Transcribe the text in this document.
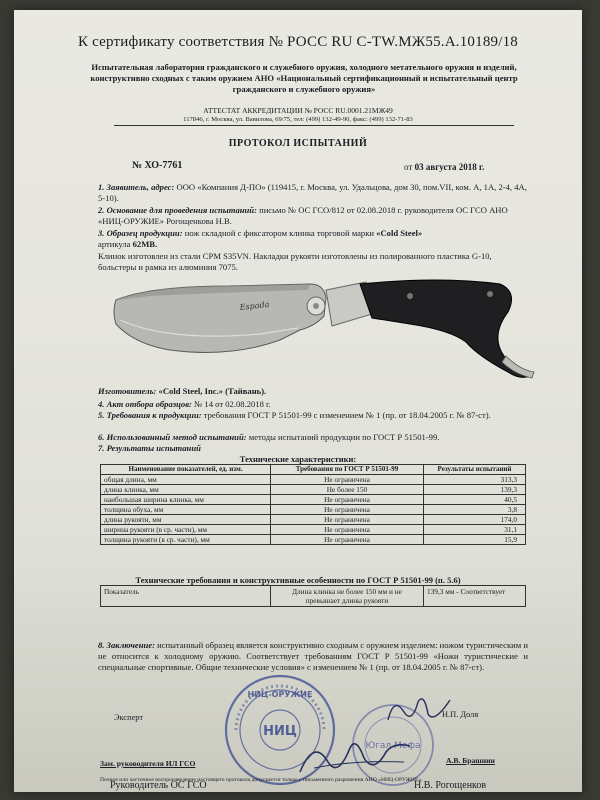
К сертификату соответствия № РОСС RU С-TW.МЖ55.А.10189/18
Испытательная лаборатория гражданского и служебного оружия, холодного метательного оружия и изделий, конструктивно сходных с таким оружием АНО «Национальный сертификационный и испытательный центр гражданского и служебного оружия»
АТТЕСТАТ АККРЕДИТАЦИИ № РОСС RU.0001.21МЖ49
117846, г. Москва, ул. Вавилова, 69/75, тел: (499) 132-49-90, факс: (499) 132-71-83
ПРОТОКОЛ ИСПЫТАНИЙ
№ ХО-7761	от 03 августа 2018 г.
1. Заявитель, адрес: ООО «Компания Д-ПО» (119415, г. Москва, ул. Удальцова, дом 30, пом.VII, ком. А, 1А, 2-4, 4А, 5-10).
2. Основание для проведения испытаний: письмо № ОС ГСО/812 от 02.08.2018 г. руководителя ОС ГСО АНО «НИЦ-ОРУЖИЕ» Рогощенкова Н.В.
3. Образец продукции: нож складной с фиксатором клинка торговой марки «Cold Steel»
артикула 62MB.
Клинок изготовлен из стали CPM S35VN. Накладки рукояти изготовлены из полированного пластика G-10, больстеры и рамка из алюминия 7075.
Espada
Изготовитель: «Cold Steel, Inc.» (Тайвань).
4. Акт отбора образцов: № 14 от 02.08.2018 г.
5. Требования к продукции: требования ГОСТ Р 51501-99 с изменением № 1 (пр. от 18.04.2005 г. № 87-ст).
6. Использованный метод испытаний: методы испытаний продукции по ГОСТ Р 51501-99.
7. Результаты испытаний
Технические характеристики:
Наименование показателей, ед. изм.	Требования по ГОСТ Р 51501-99	Результаты испытаний
общая длина, мм	Не ограничена	313,3
длина клинка, мм	Не более 150	139,3
наибольшая ширина клинка, мм	Не ограничена	40,5
толщина обуха, мм	Не ограничена	3,8
длина рукояти, мм	Не ограничена	174,0
ширина рукояти (в ср. части), мм	Не ограничена	31,1
толщина рукояти (в ср. части), мм	Не ограничена	15,9
Технические требования и конструктивные особенности по ГОСТ Р 51501-99 (п. 5.6)
Показатель	Длина клинка не более 150 мм и не превышает длины рукояти	139,3 мм - Соответствует
8. Заключение: испытанный образец является конструктивно сходным с оружием изделием: ножом туристическим и не относится к холодному оружию. Соответствует требованиям ГОСТ Р 51501-99 «Ножи туристические и специальные спортивные. Общие технические условия» с изменением № 1 (пр. от 18.04.2005 г. № 87-ст).
НИЦ-ОРУЖИЕ
НИЦ
Югал Мефа
Эксперт	Н.П. Доля
Зам. руководителя ИЛ ГСО	А.В. Брашнин
Полное или частичное воспроизведение настоящего протокола допускается только с письменного разрешения АНО «НИЦ-ОРУЖИЕ».
Руководитель ОС ГСО	Н.В. Рогощенков
